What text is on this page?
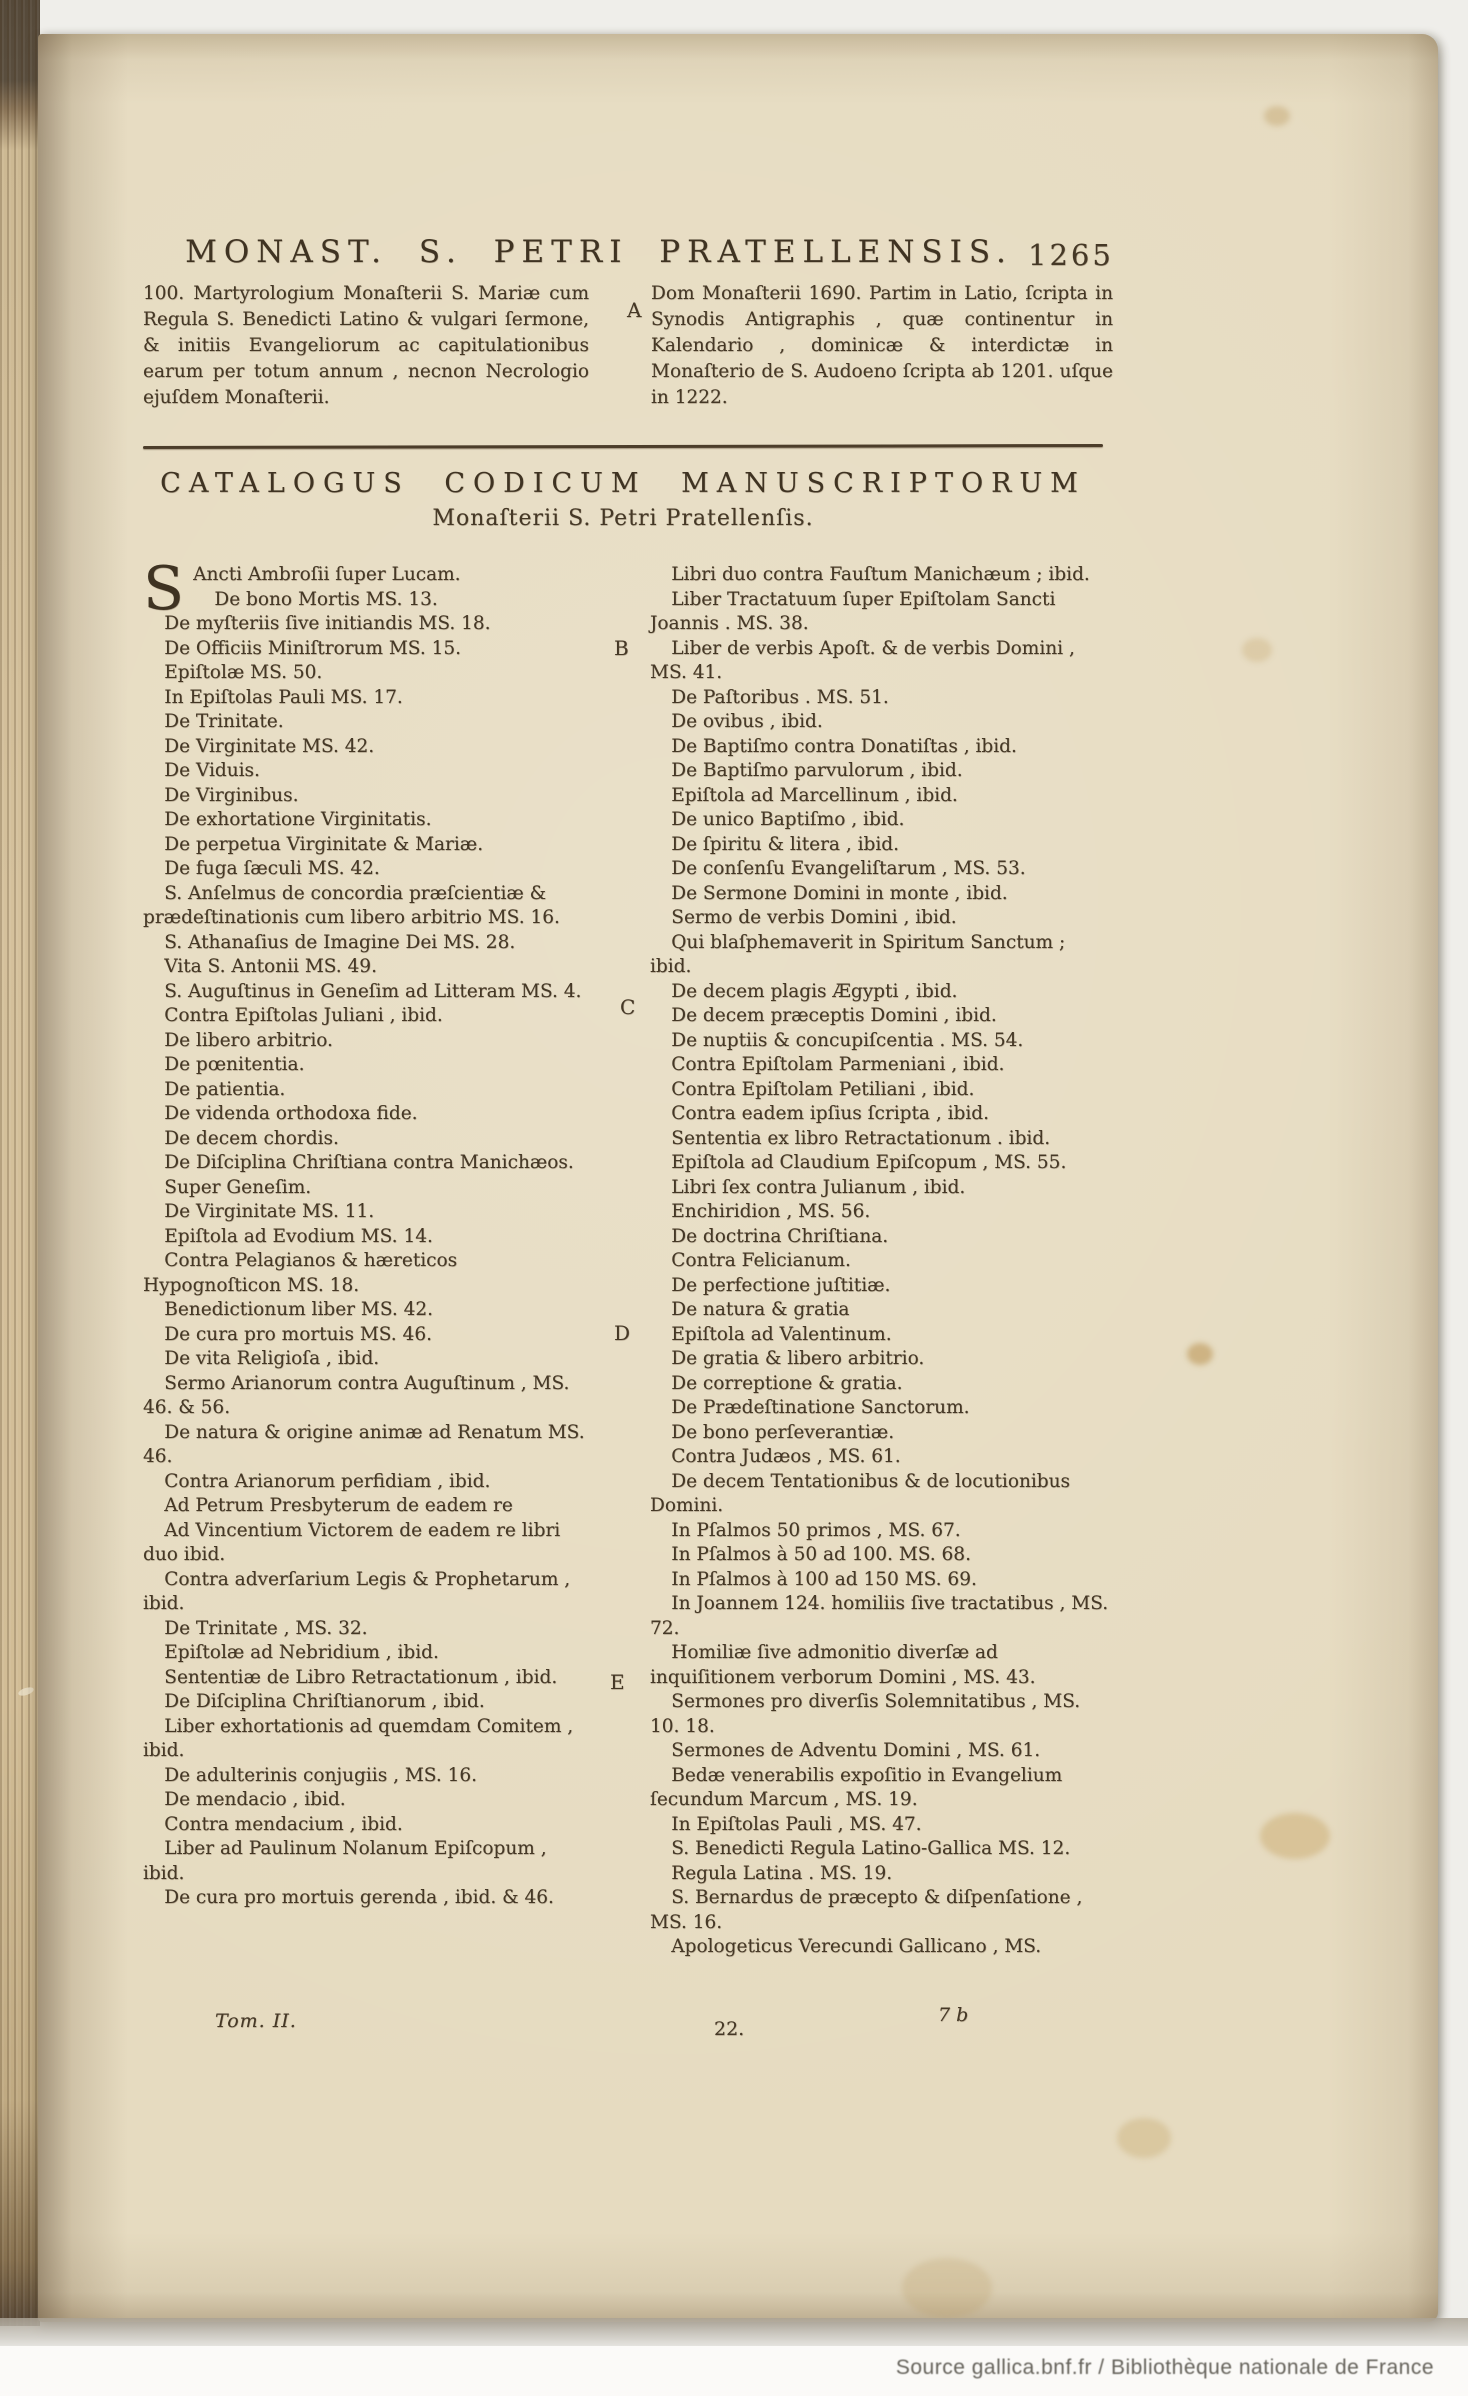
MONAST. S. PETRI PRATELLENSIS. 1265
100. Martyrologium Monaſterii S. Mariæ cum Regula S. Benedicti Latino & vulgari ſermone, & initiis Evangeliorum ac capitulationibus earum per totum annum , necnon Necrologio ejuſdem Monaſterii.
Dom Monaſterii 1690. Partim in Latio, ſcripta in Synodis Antigraphis , quæ continentur in Kalendario , dominicæ & interdictæ in Monaſterio de S. Audoeno ſcripta ab 1201. uſque in 1222.
A
B
C
D
E
CATALOGUS CODICUM MANUSCRIPTORUM
Monaſterii S. Petri Pratellenſis.

S Ancti Ambroſii ſuper Lucam.

De bono Mortis MS. 13.

De myſteriis ſive initiandis MS. 18.

De Officiis Miniſtrorum MS. 15.

Epiſtolæ MS. 50.

In Epiſtolas Pauli MS. 17.

De Trinitate.

De Virginitate MS. 42.

De Viduis.

De Virginibus.

De exhortatione Virginitatis.

De perpetua Virginitate & Mariæ.

De fuga ſæculi MS. 42.

S. Anſelmus de concordia præſcientiæ & prædeſtinationis cum libero arbitrio MS. 16.

S. Athanaſius de Imagine Dei MS. 28.

Vita S. Antonii MS. 49.

S. Auguſtinus in Geneſim ad Litteram MS. 4.

Contra Epiſtolas Juliani , ibid.

De libero arbitrio.

De pœnitentia.

De patientia.

De videnda orthodoxa fide.

De decem chordis.

De Diſciplina Chriſtiana contra Manichæos.

Super Geneſim.

De Virginitate MS. 11.

Epiſtola ad Evodium MS. 14.

Contra Pelagianos & hæreticos Hypognoſticon MS. 18.

Benedictionum liber MS. 42.

De cura pro mortuis MS. 46.

De vita Religioſa , ibid.

Sermo Arianorum contra Auguſtinum , MS. 46. & 56.

De natura & origine animæ ad Renatum MS. 46.

Contra Arianorum perfidiam , ibid.

Ad Petrum Presbyterum de eadem re

Ad Vincentium Victorem de eadem re libri duo ibid.

Contra adverſarium Legis & Prophetarum , ibid.

De Trinitate , MS. 32.

Epiſtolæ ad Nebridium , ibid.

Sententiæ de Libro Retractationum , ibid.

De Diſciplina Chriſtianorum , ibid.

Liber exhortationis ad quemdam Comitem , ibid.

De adulterinis conjugiis , MS. 16.

De mendacio , ibid.

Contra mendacium , ibid.

Liber ad Paulinum Nolanum Epiſcopum , ibid.

De cura pro mortuis gerenda , ibid. & 46.

Libri duo contra Fauſtum Manichæum ; ibid.

Liber Tractatuum ſuper Epiſtolam Sancti Joannis . MS. 38.

Liber de verbis Apoſt. & de verbis Domini , MS. 41.

De Paſtoribus . MS. 51.

De ovibus , ibid.

De Baptiſmo contra Donatiſtas , ibid.

De Baptiſmo parvulorum , ibid.

Epiſtola ad Marcellinum , ibid.

De unico Baptiſmo , ibid.

De ſpiritu & litera , ibid.

De conſenſu Evangeliſtarum , MS. 53.

De Sermone Domini in monte , ibid.

Sermo de verbis Domini , ibid.

Qui blaſphemaverit in Spiritum Sanctum ; ibid.

De decem plagis Ægypti , ibid.

De decem præceptis Domini , ibid.

De nuptiis & concupiſcentia . MS. 54.

Contra Epiſtolam Parmeniani , ibid.

Contra Epiſtolam Petiliani , ibid.

Contra eadem ipſius ſcripta , ibid.

Sententia ex libro Retractationum . ibid.

Epiſtola ad Claudium Epiſcopum , MS. 55.

Libri ſex contra Julianum , ibid.

Enchiridion , MS. 56.

De doctrina Chriſtiana.

Contra Felicianum.

De perfectione juſtitiæ.

De natura & gratia

Epiſtola ad Valentinum.

De gratia & libero arbitrio.

De correptione & gratia.

De Prædeſtinatione Sanctorum.

De bono perſeverantiæ.

Contra Judæos , MS. 61.

De decem Tentationibus & de locutionibus Domini.

In Pſalmos 50 primos , MS. 67.

In Pſalmos à 50 ad 100. MS. 68.

In Pſalmos à 100 ad 150 MS. 69.

In Joannem 124. homiliis ſive tractatibus , MS. 72.

Homiliæ ſive admonitio diverſæ ad inquiſitionem verborum Domini , MS. 43.

Sermones pro diverſis Solemnitatibus , MS. 10. 18.

Sermones de Adventu Domini , MS. 61.

Bedæ venerabilis expoſitio in Evangelium ſecundum Marcum , MS. 19.

In Epiſtolas Pauli , MS. 47.

S. Benedicti Regula Latino-Gallica MS. 12.

Regula Latina . MS. 19.

S. Bernardus de præcepto & diſpenſatione , MS. 16.

Apologeticus Verecundi Gallicano , MS.

Tom. II.	22.
7 b
Source gallica.bnf.fr / Bibliothèque nationale de France
